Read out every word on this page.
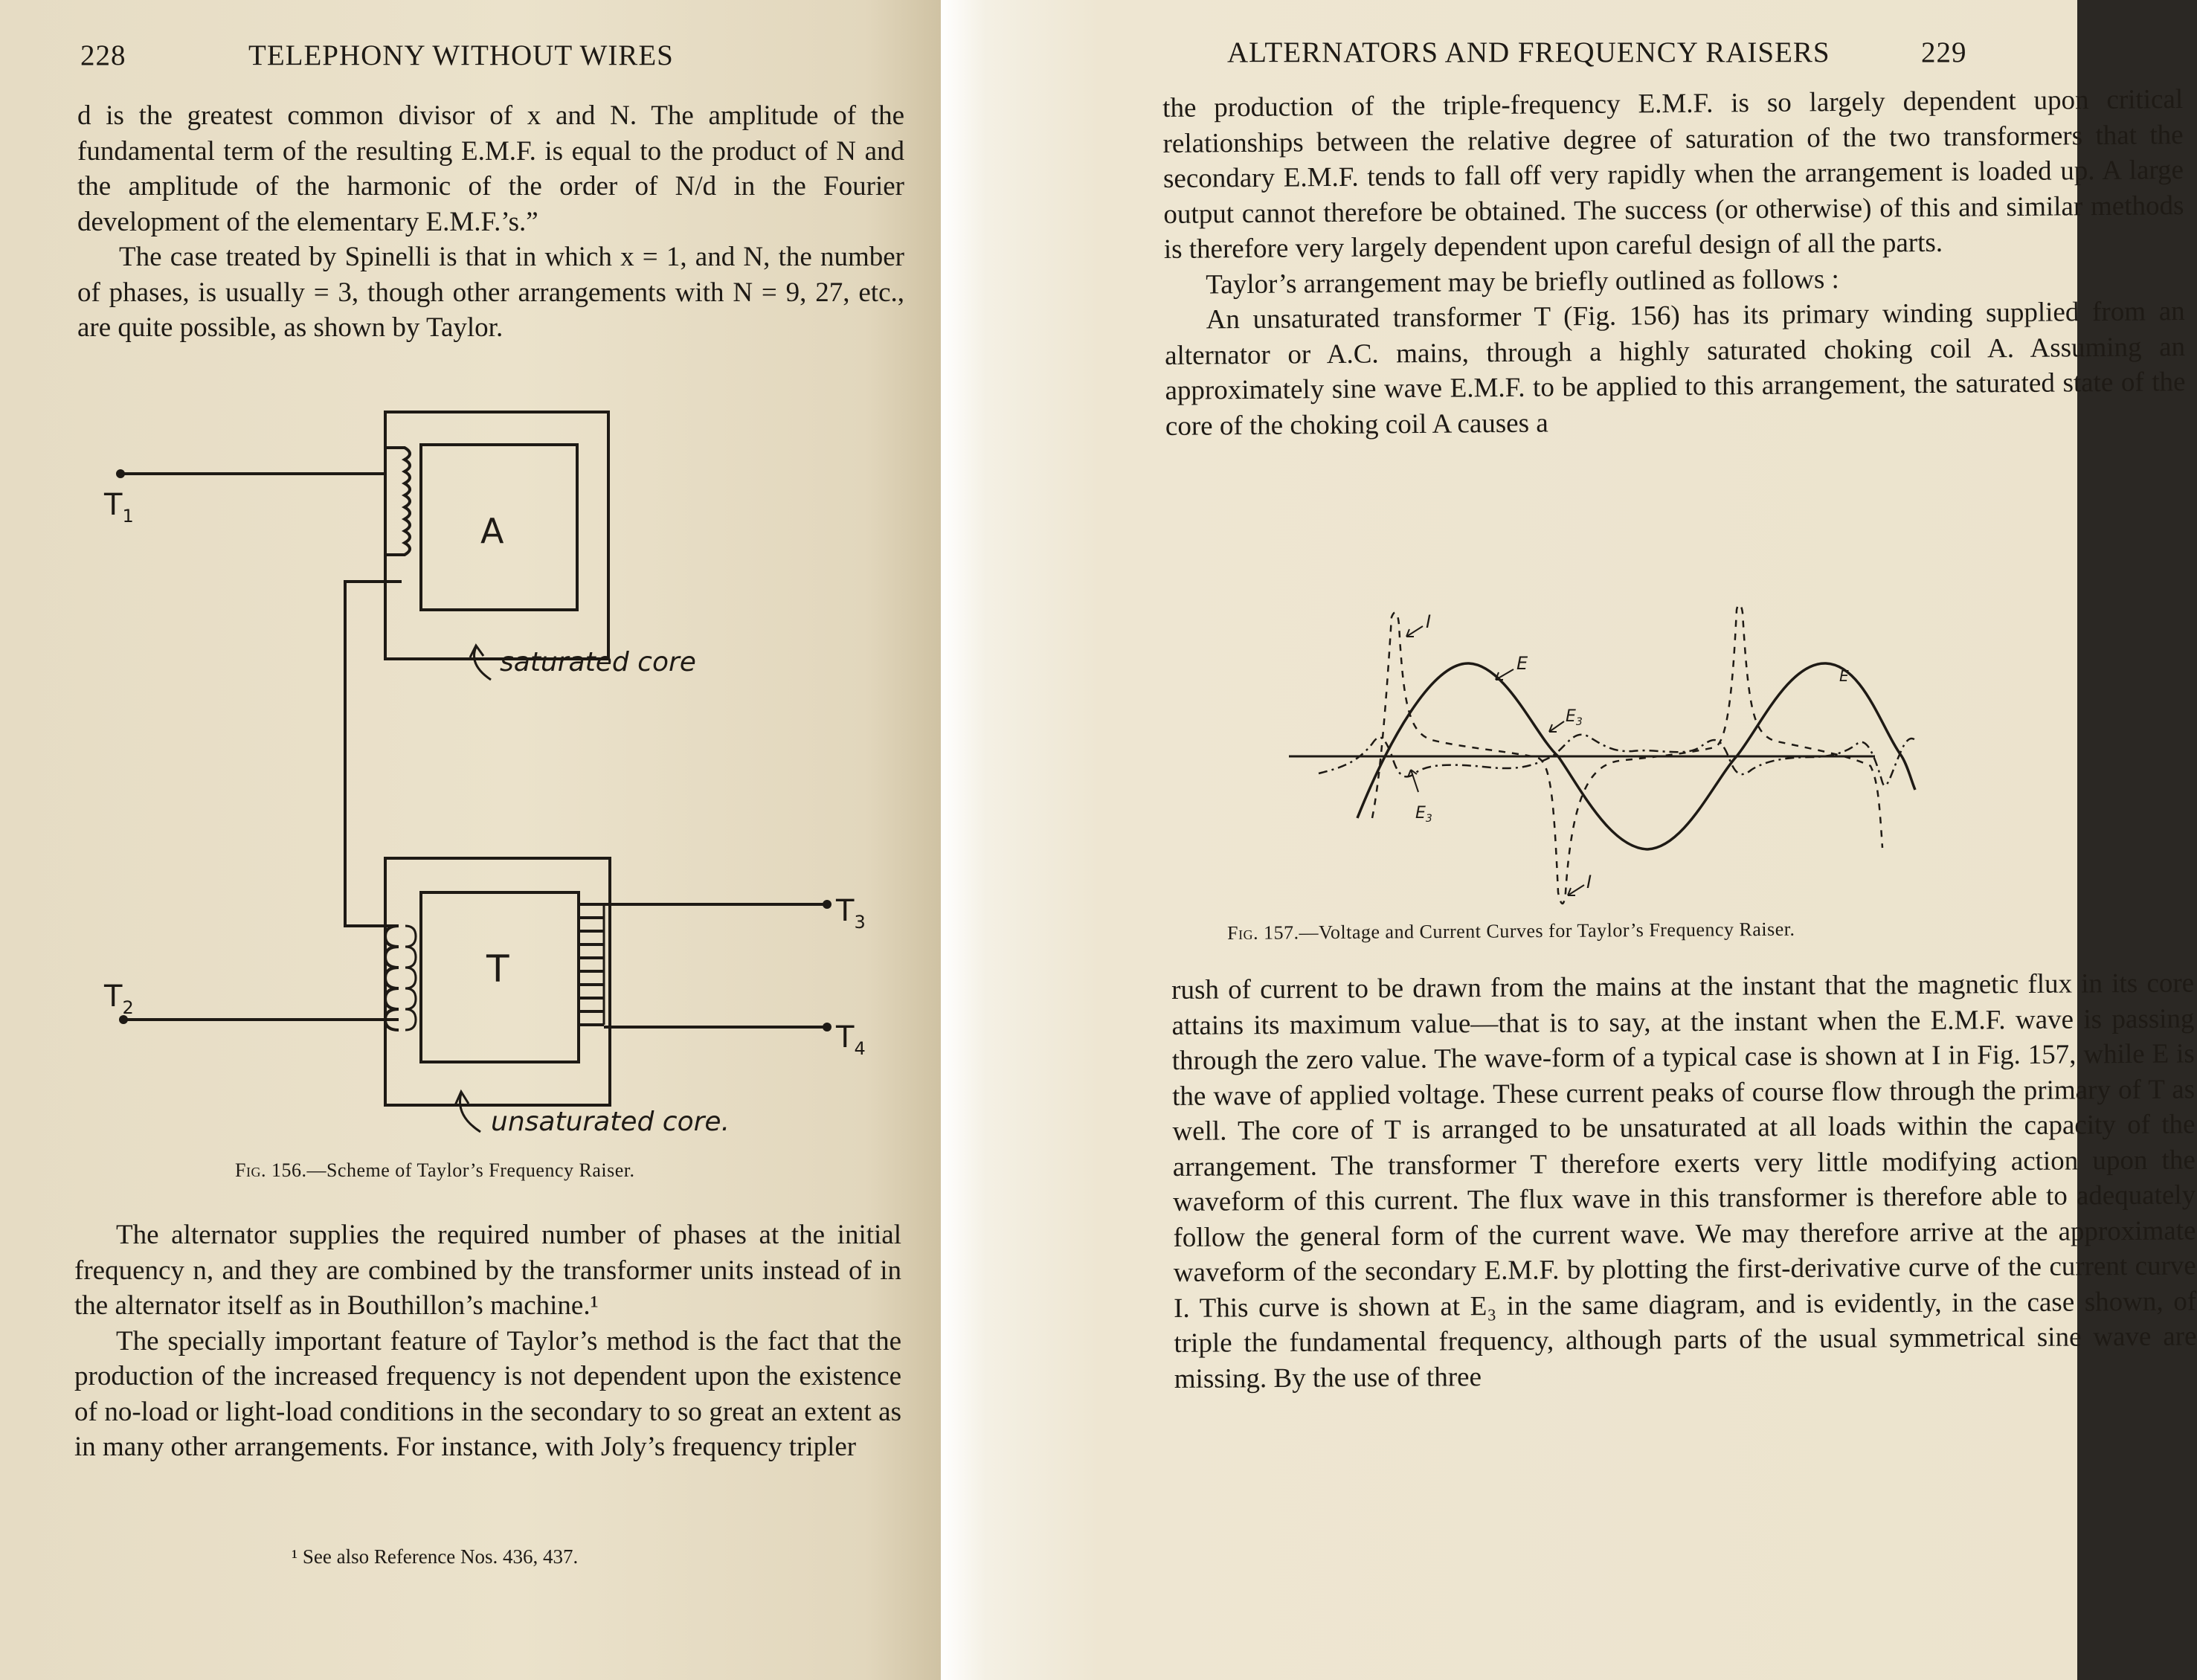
228	TELEPHONY WITHOUT WIRES

d is the greatest common divisor of x and N. The amplitude of the fundamental term of the resulting E.M.F. is equal to the product of N and the amplitude of the harmonic of the order of N/d in the Fourier development of the elementary E.M.F.’s.”

The case treated by Spinelli is that in which x = 1, and N, the number of phases, is usually = 3, though other arrangements with N = 9, 27, etc., are quite possible, as shown by Taylor.

$T_1$
$T_2$
$T_3$
$T_4$
A
T
saturated core
unsaturated core.
Fig. 156.—Scheme of Taylor’s Frequency Raiser.

The alternator supplies the required number of phases at the initial frequency n, and they are combined by the transformer units instead of in the alternator itself as in Bouthillon’s machine.¹

The specially important feature of Taylor’s method is the fact that the production of the increased frequency is not dependent upon the existence of no-load or light-load conditions in the secondary to so great an extent as in many other arrangements. For instance, with Joly’s frequency tripler

¹ See also Reference Nos. 436, 437.
ALTERNATORS AND FREQUENCY RAISERS	229

the production of the triple-frequency E.M.F. is so largely dependent upon critical relationships between the relative degree of saturation of the two transformers that the secondary E.M.F. tends to fall off very rapidly when the arrangement is loaded up. A large output cannot therefore be obtained. The success (or otherwise) of this and similar methods is therefore very largely dependent upon careful design of all the parts.

Taylor’s arrangement may be briefly outlined as follows :

An unsaturated transformer T (Fig. 156) has its primary winding supplied from an alternator or A.C. mains, through a highly saturated choking coil A. Assuming an approximately sine wave E.M.F. to be applied to this arrangement, the saturated state of the core of the choking coil A causes a

I
E
E
$E_3$
$E_3$
I
Fig. 157.—Voltage and Current Curves for Taylor’s Frequency Raiser.

rush of current to be drawn from the mains at the instant that the magnetic flux in its core attains its maximum value—that is to say, at the instant when the E.M.F. wave is passing through the zero value. The wave-form of a typical case is shown at I in Fig. 157, while E is the wave of applied voltage. These current peaks of course flow through the primary of T as well. The core of T is arranged to be unsaturated at all loads within the capacity of the arrangement. The transformer T therefore exerts very little modifying action upon the waveform of this current. The flux wave in this transformer is therefore able to adequately follow the general form of the current wave. We may therefore arrive at the approximate waveform of the secondary E.M.F. by plotting the first-derivative curve of the current curve I. This curve is shown at E₃ in the same diagram, and is evidently, in the case shown, of triple the fundamental frequency, although parts of the usual symmetrical sine wave are missing. By the use of three
